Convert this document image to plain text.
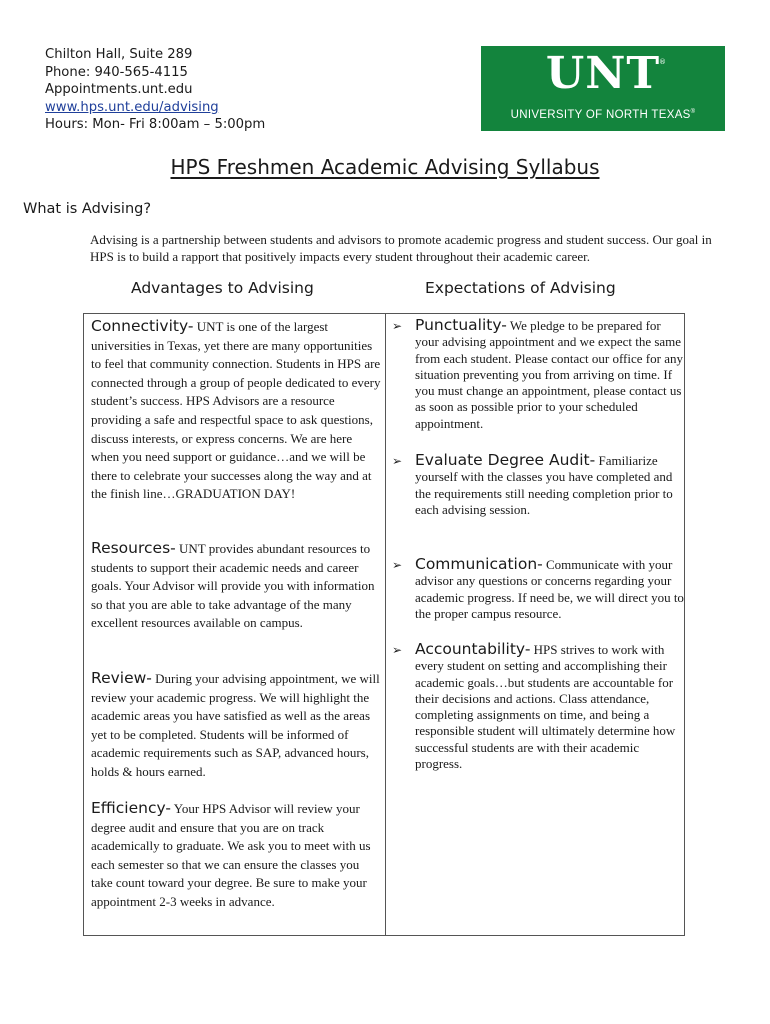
Chilton Hall, Suite 289
Phone: 940-565-4115
Appointments.unt.edu
www.hps.unt.edu/advising
Hours: Mon- Fri 8:00am – 5:00pm
UNT
®
UNIVERSITY OF NORTH TEXAS®
HPS Freshmen Academic Advising Syllabus
What is Advising?
Advising is a partnership between students and advisors to promote academic progress and student success. Our goal in HPS is to build a rapport that positively impacts every student throughout their academic career.
Advantages to Advising	Expectations of Advising
Connectivity- UNT is one of the largest universities in Texas, yet there are many opportunities to feel that community connection. Students in HPS are connected through a group of people dedicated to every student’s success. HPS Advisors are a resource providing a safe and respectful space to ask questions, discuss interests, or express concerns. We are here when you need support or guidance…and we will be there to celebrate your successes along the way and at the finish line…GRADUATION DAY!
Resources- UNT provides abundant resources to students to support their academic needs and career goals. Your Advisor will provide you with information so that you are able to take advantage of the many excellent resources available on campus.
Review- During your advising appointment, we will review your academic progress. We will highlight the academic areas you have satisfied as well as the areas yet to be completed. Students will be informed of academic requirements such as SAP, advanced hours, holds & hours earned.
Efficiency- Your HPS Advisor will review your degree audit and ensure that you are on track academically to graduate. We ask you to meet with us each semester so that we can ensure the classes you take count toward your degree. Be sure to make your appointment 2-3 weeks in advance.
➢ Punctuality- We pledge to be prepared for your advising appointment and we expect the same from each student. Please contact our office for any situation preventing you from arriving on time. If you must change an appointment, please contact us as soon as possible prior to your scheduled appointment.
➢ Evaluate Degree Audit- Familiarize yourself with the classes you have completed and the requirements still needing completion prior to each advising session.
➢ Communication- Communicate with your advisor any questions or concerns regarding your academic progress. If need be, we will direct you to the proper campus resource.
➢ Accountability- HPS strives to work with every student on setting and accomplishing their academic goals…but students are accountable for their decisions and actions. Class attendance, completing assignments on time, and being a responsible student will ultimately determine how successful students are with their academic progress.
